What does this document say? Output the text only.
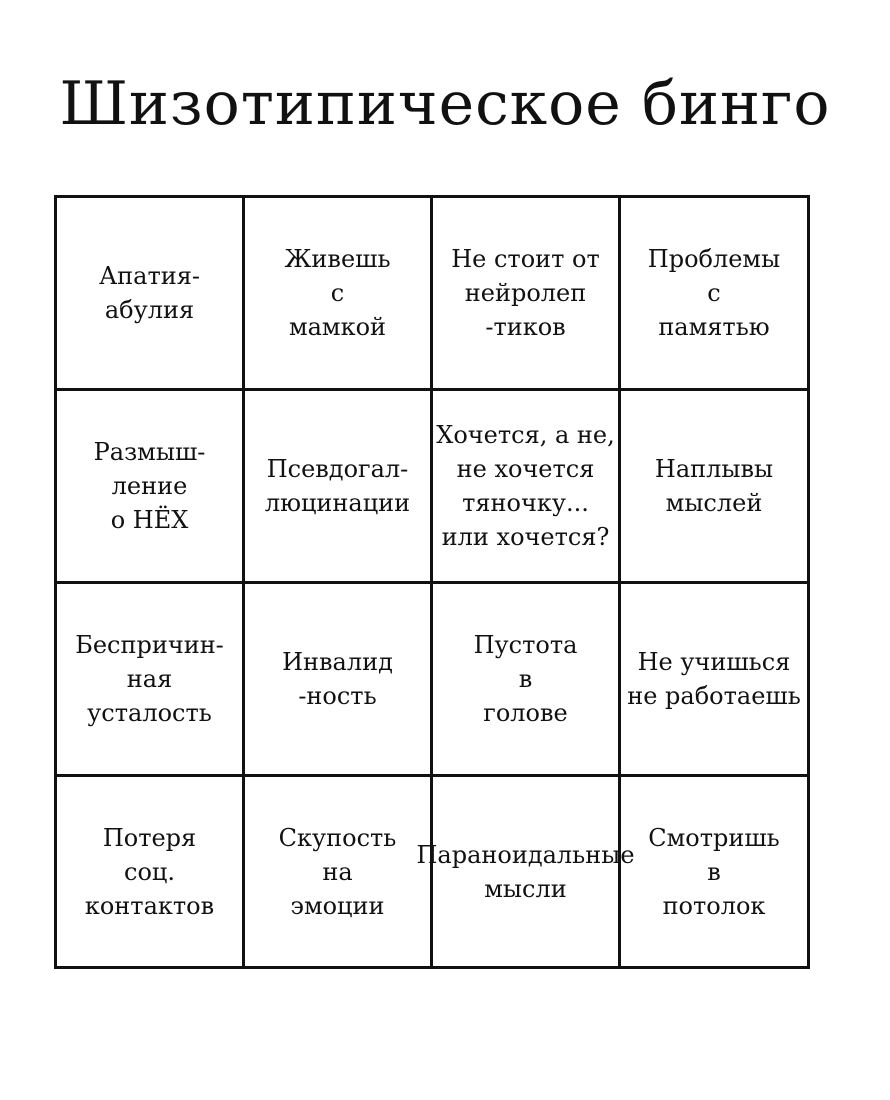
Шизотипическое бинго
Апатия-
абулия
Живешь
с
мамкой
Не стоит от
нейролеп
-тиков
Проблемы
с
памятью
Размыш-
ление
о НЁХ
Псевдогал-
люцинации
Хочется, а не,
не хочется
тяночку...
или хочется?
Наплывы
мыслей
Беспричин-
ная
усталость
Инвалид
-ность
Пустота
в
голове
Не учишься
не работаешь
Потеря
соц.
контактов
Скупость
на
эмоции
Параноидальные
мысли
Смотришь
в
потолок
